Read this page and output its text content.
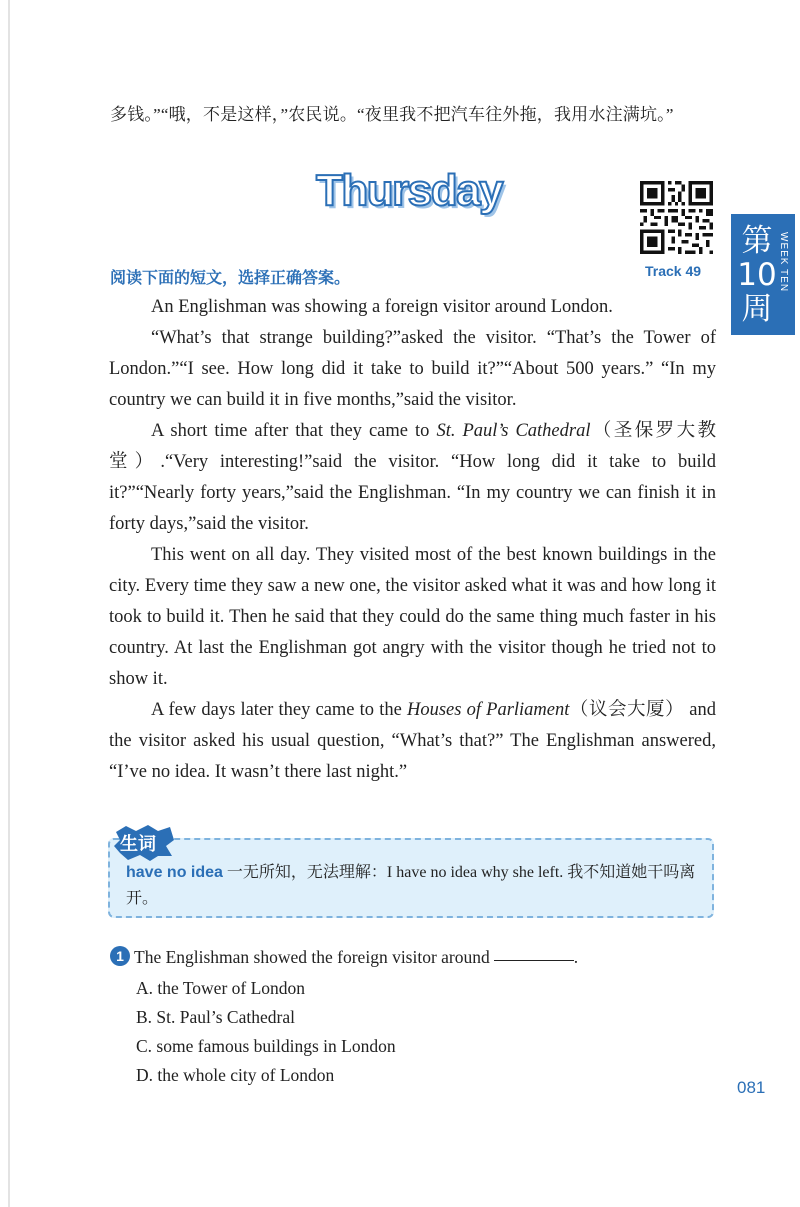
多钱。”“哦，不是这样，”农民说。“夜里我不把汽车往外拖，我用水注满坑。”
Thursday
Track 49
第10周
WEEK TEN
阅读下面的短文，选择正确答案。

An Englishman was showing a foreign visitor around London.

“What’s that strange building?”asked the visitor. “That’s the Tower of London.”“I see. How long did it take to build it?”“About 500 years.” “In my country we can build it in five months,”said the visitor.

A short time after that they came to St. Paul’s Cathedral（圣保罗大教堂）.“Very interesting!”said the visitor. “How long did it take to build it?”“Nearly forty years,”said the Englishman. “In my country we can finish it in forty days,”said the visitor.

This went on all day. They visited most of the best known buildings in the city. Every time they saw a new one, the visitor asked what it was and how long it took to build it. Then he said that they could do the same thing much faster in his country. At last the Englishman got angry with the visitor though he tried not to show it.

A few days later they came to the Houses of Parliament（议会大厦） and the visitor asked his usual question, “What’s that?” The Englishman answered, “I’ve no idea. It wasn’t there last night.”

生词
have no idea 一无所知，无法理解：I have no idea why she left. 我不知道她干吗离开。
1 The Englishman showed the foreign visitor around	.
A. the Tower of London
B. St. Paul’s Cathedral
C. some famous buildings in London
D. the whole city of London
081
